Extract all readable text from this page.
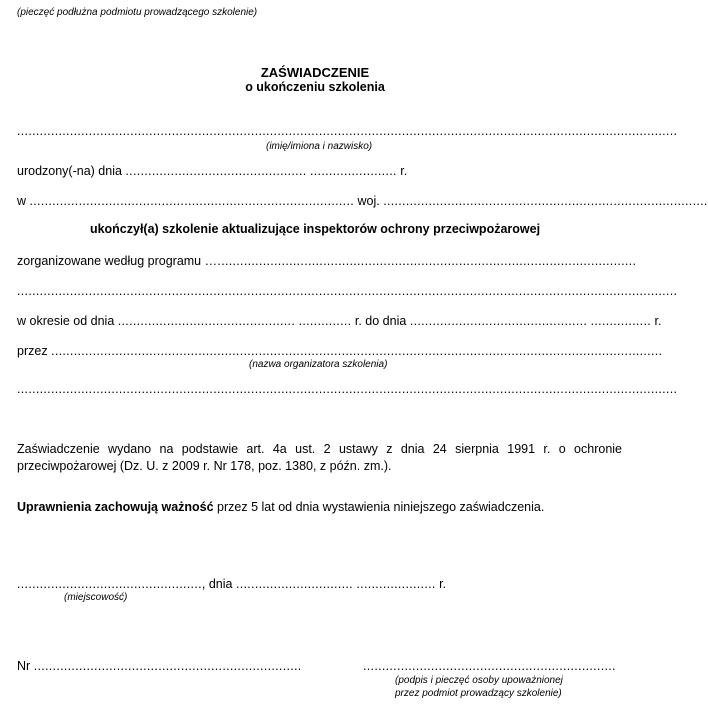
(pieczęć podłużna podmiotu prowadzącego szkolenie)
ZAŚWIADCZENIE
o ukończeniu szkolenia
...............................................................................................................................................................................
(imię/imiona i nazwisko)
urodzony(-na) dnia ................................................ ....................... r.
w ...................................................................................... woj. ......................................................................................
ukończył(a) szkolenie aktualizujące inspektorów ochrony przeciwpożarowej
zorganizowane według programu …...............................................................................................................
...............................................................................................................................................................................
w okresie od dnia ............................................... .............. r. do dnia ............................................... ................ r.
przez ..................................................................................................................................................................
(nazwa organizatora szkolenia)
...............................................................................................................................................................................
Zaświadczenie wydano na podstawie art. 4a ust. 2 ustawy z dnia 24 sierpnia 1991 r. o ochronie przeciwpożarowej (Dz. U. z 2009 r. Nr 178, poz. 1380, z późn. zm.).
Uprawnienia zachowują ważność przez 5 lat od dnia wystawienia niniejszego zaświadczenia.
................................................., dnia ............................... ..................... r.
(miejscowość)
Nr .......................................................................	...................................................................
(podpis i pieczęć osoby upoważnionej
przez podmiot prowadzący szkolenie)
